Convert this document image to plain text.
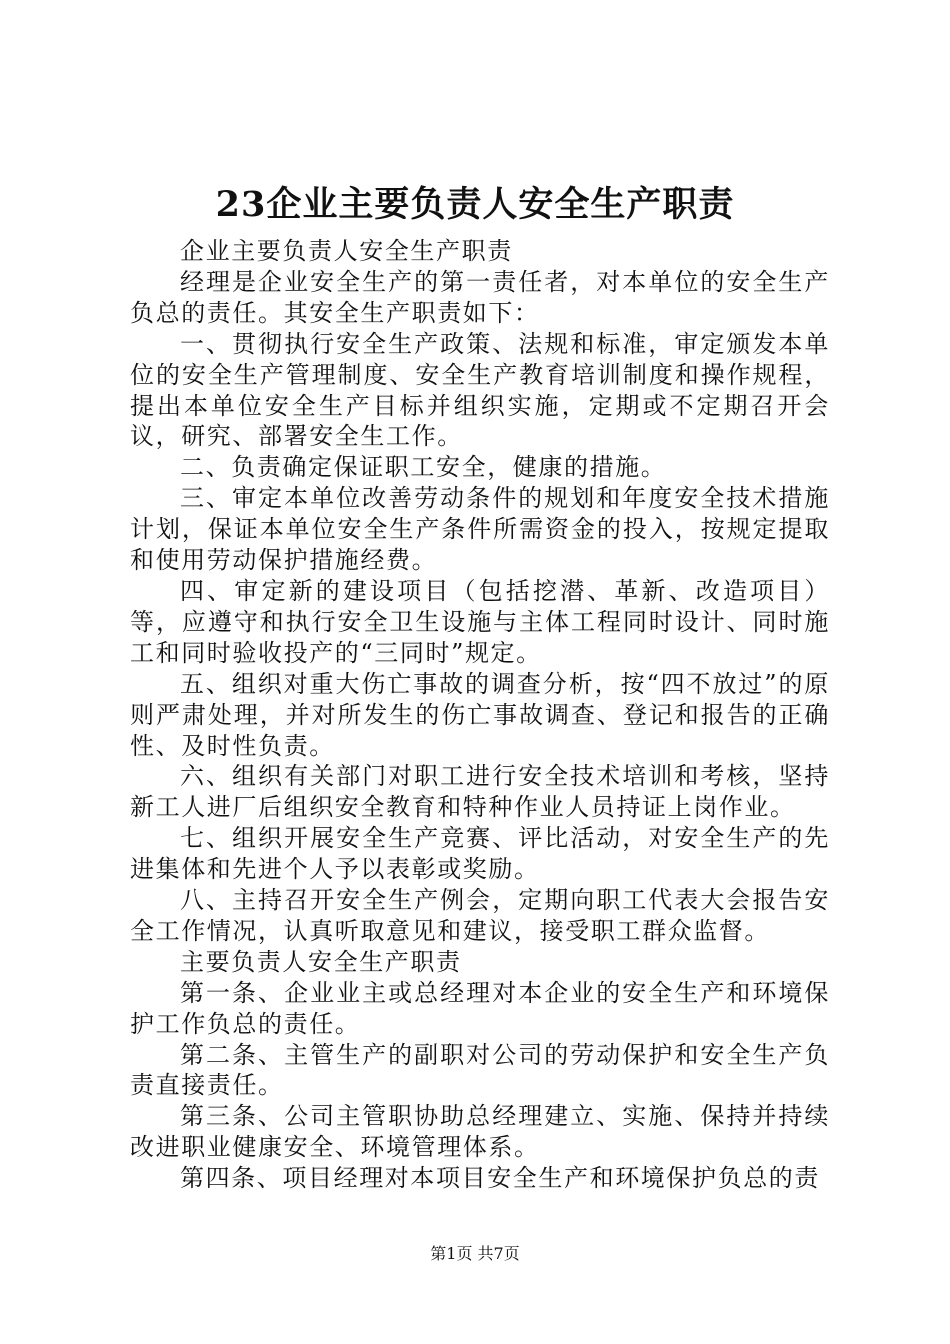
23企业主要负责人安全生产职责

企业主要负责人安全生产职责

经理是企业安全生产的第一责任者，对本单位的安全生产负总的责任。其安全生产职责如下：

一、贯彻执行安全生产政策、法规和标准，审定颁发本单位的安全生产管理制度、安全生产教育培训制度和操作规程，提出本单位安全生产目标并组织实施，定期或不定期召开会议，研究、部署安全生工作。

二、负责确定保证职工安全，健康的措施。

三、审定本单位改善劳动条件的规划和年度安全技术措施计划，保证本单位安全生产条件所需资金的投入，按规定提取和使用劳动保护措施经费。

四、审定新的建设项目（包括挖潜、革新、改造项目）等，应遵守和执行安全卫生设施与主体工程同时设计、同时施工和同时验收投产的“三同时”规定。

五、组织对重大伤亡事故的调查分析，按“四不放过”的原则严肃处理，并对所发生的伤亡事故调查、登记和报告的正确性、及时性负责。

六、组织有关部门对职工进行安全技术培训和考核，坚持新工人进厂后组织安全教育和特种作业人员持证上岗作业。

七、组织开展安全生产竞赛、评比活动，对安全生产的先进集体和先进个人予以表彰或奖励。

八、主持召开安全生产例会，定期向职工代表大会报告安全工作情况，认真听取意见和建议，接受职工群众监督。

主要负责人安全生产职责

第一条、企业业主或总经理对本企业的安全生产和环境保护工作负总的责任。

第二条、主管生产的副职对公司的劳动保护和安全生产负责直接责任。

第三条、公司主管职协助总经理建立、实施、保持并持续改进职业健康安全、环境管理体系。

第四条、项目经理对本项目安全生产和环境保护负总的责

第1页 共7页
